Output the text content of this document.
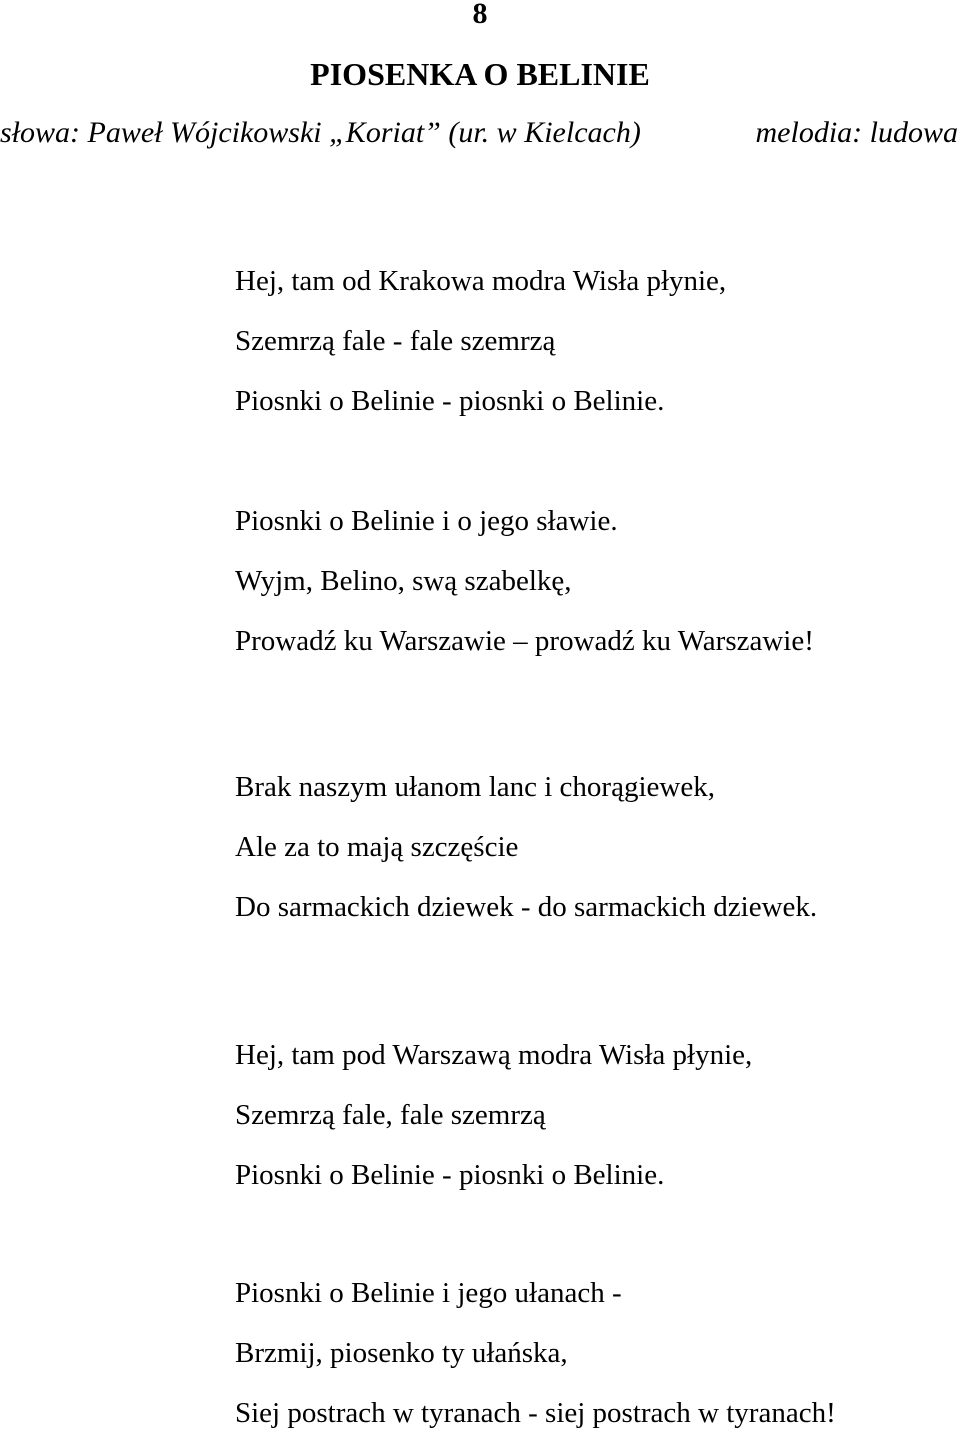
8
PIOSENKA O BELINIE
słowa: Paweł Wójcikowski „Koriat” (ur. w Kielcach)	melodia: ludowa
Hej, tam od Krakowa modra Wisła płynie,
Szemrzą fale - fale szemrzą
Piosnki o Belinie - piosnki o Belinie.
Piosnki o Belinie i o jego sławie.
Wyjm, Belino, swą szabelkę,
Prowadź ku Warszawie – prowadź ku Warszawie!
Brak naszym ułanom lanc i chorągiewek,
Ale za to mają szczęście
Do sarmackich dziewek - do sarmackich dziewek.
Hej, tam pod Warszawą modra Wisła płynie,
Szemrzą fale, fale szemrzą
Piosnki o Belinie - piosnki o Belinie.
Piosnki o Belinie i jego ułanach -
Brzmij, piosenko ty ułańska,
Siej postrach w tyranach - siej postrach w tyranach!
